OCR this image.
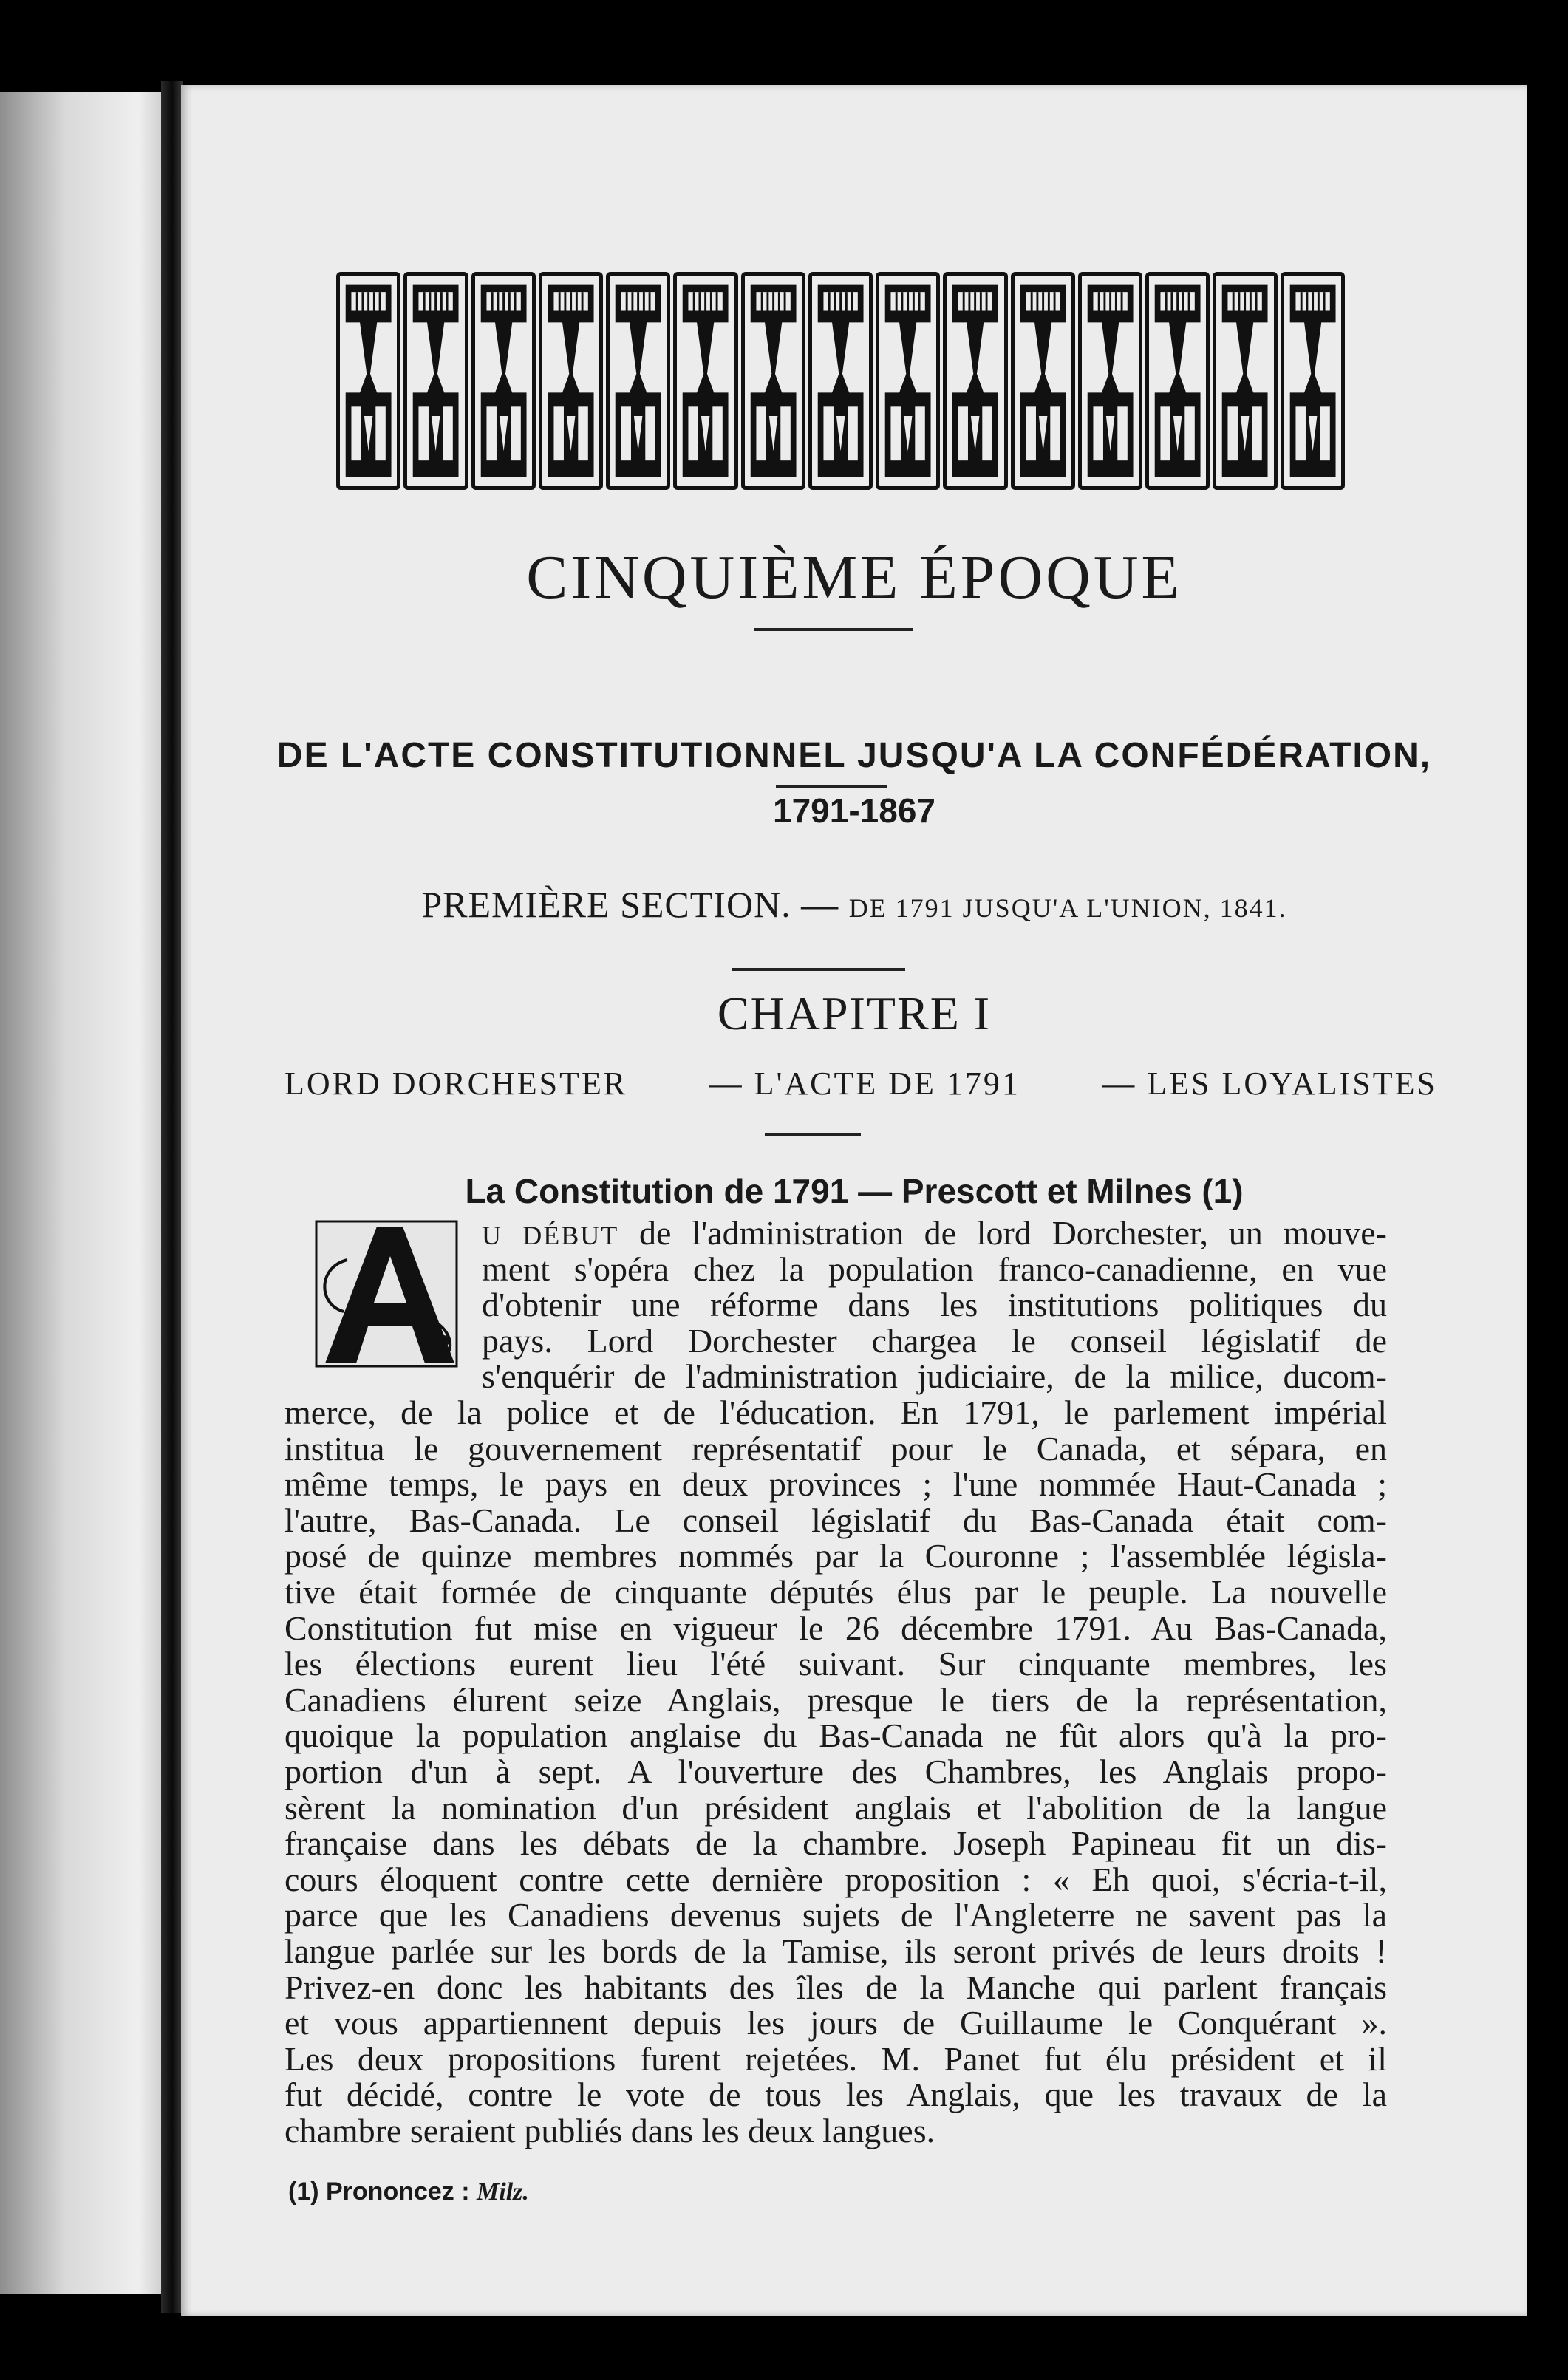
CINQUIÈME ÉPOQUE
DE L'ACTE CONSTITUTIONNEL JUSQU'A LA CONFÉDÉRATION,
1791-1867
PREMIÈRE SECTION. — DE 1791 JUSQU'A L'UNION, 1841.
CHAPITRE I
LORD DORCHESTER	— L'ACTE DE 1791	— LES LOYALISTES
La Constitution de 1791 — Prescott et Milnes (1)
U DÉBUT de l'administration de lord Dorchester, un mouve-
ment s'opéra chez la population franco-canadienne, en vue
d'obtenir une réforme dans les institutions politiques du
pays. Lord Dorchester chargea le conseil législatif de
s'enquérir de l'administration judiciaire, de la milice, ducom-
merce, de la police et de l'éducation. En 1791, le parlement impérial
institua le gouvernement représentatif pour le Canada, et sépara, en
même temps, le pays en deux provinces ; l'une nommée Haut-Canada ;
l'autre, Bas-Canada. Le conseil législatif du Bas-Canada était com-
posé de quinze membres nommés par la Couronne ; l'assemblée législa-
tive était formée de cinquante députés élus par le peuple. La nouvelle
Constitution fut mise en vigueur le 26 décembre 1791. Au Bas-Canada,
les élections eurent lieu l'été suivant. Sur cinquante membres, les
Canadiens élurent seize Anglais, presque le tiers de la représentation,
quoique la population anglaise du Bas-Canada ne fût alors qu'à la pro-
portion d'un à sept. A l'ouverture des Chambres, les Anglais propo-
sèrent la nomination d'un président anglais et l'abolition de la langue
française dans les débats de la chambre. Joseph Papineau fit un dis-
cours éloquent contre cette dernière proposition : « Eh quoi, s'écria-t-il,
parce que les Canadiens devenus sujets de l'Angleterre ne savent pas la
langue parlée sur les bords de la Tamise, ils seront privés de leurs droits !
Privez-en donc les habitants des îles de la Manche qui parlent français
et vous appartiennent depuis les jours de Guillaume le Conquérant ».
Les deux propositions furent rejetées. M. Panet fut élu président et il
fut décidé, contre le vote de tous les Anglais, que les travaux de la
chambre seraient publiés dans les deux langues.
(1) Prononcez : Milz.
